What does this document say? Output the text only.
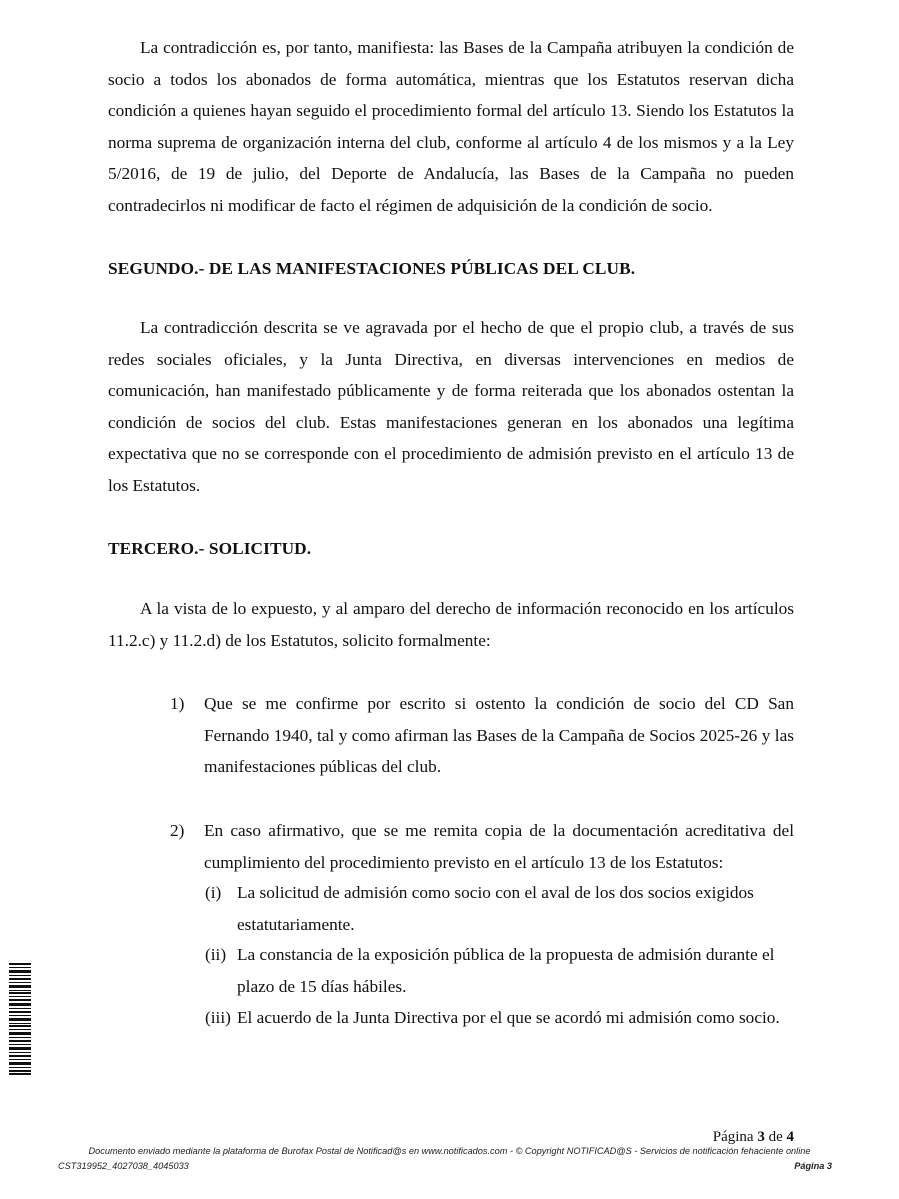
La contradicción es, por tanto, manifiesta: las Bases de la Campaña atribuyen la condición de socio a todos los abonados de forma automática, mientras que los Estatutos reservan dicha condición a quienes hayan seguido el procedimiento formal del artículo 13. Siendo los Estatutos la norma suprema de organización interna del club, conforme al artículo 4 de los mismos y a la Ley 5/2016, de 19 de julio, del Deporte de Andalucía, las Bases de la Campaña no pueden contradecirlos ni modificar de facto el régimen de adquisición de la condición de socio.

SEGUNDO.- DE LAS MANIFESTACIONES PÚBLICAS DEL CLUB.

La contradicción descrita se ve agravada por el hecho de que el propio club, a través de sus redes sociales oficiales, y la Junta Directiva, en diversas intervenciones en medios de comunicación, han manifestado públicamente y de forma reiterada que los abonados ostentan la condición de socios del club. Estas manifestaciones generan en los abonados una legítima expectativa que no se corresponde con el procedimiento de admisión previsto en el artículo 13 de los Estatutos.

TERCERO.- SOLICITUD.

A la vista de lo expuesto, y al amparo del derecho de información reconocido en los artículos 11.2.c) y 11.2.d) de los Estatutos, solicito formalmente:

1) Que se me confirme por escrito si ostento la condición de socio del CD San Fernando 1940, tal y como afirman las Bases de la Campaña de Socios 2025-26 y las manifestaciones públicas del club.
2) En caso afirmativo, que se me remita copia de la documentación acreditativa del cumplimiento del procedimiento previsto en el artículo 13 de los Estatutos:
(i) La solicitud de admisión como socio con el aval de los dos socios exigidos estatutariamente.
(ii) La constancia de la exposición pública de la propuesta de admisión durante el plazo de 15 días hábiles.
(iii) El acuerdo de la Junta Directiva por el que se acordó mi admisión como socio.
Página 3 de 4
Documento enviado mediante la plataforma de Burofax Postal de Notificad@s en www.notificados.com - © Copyright NOTIFICAD@S - Servicios de notificación fehaciente online
CST319952_4027038_4045033	Página 3
